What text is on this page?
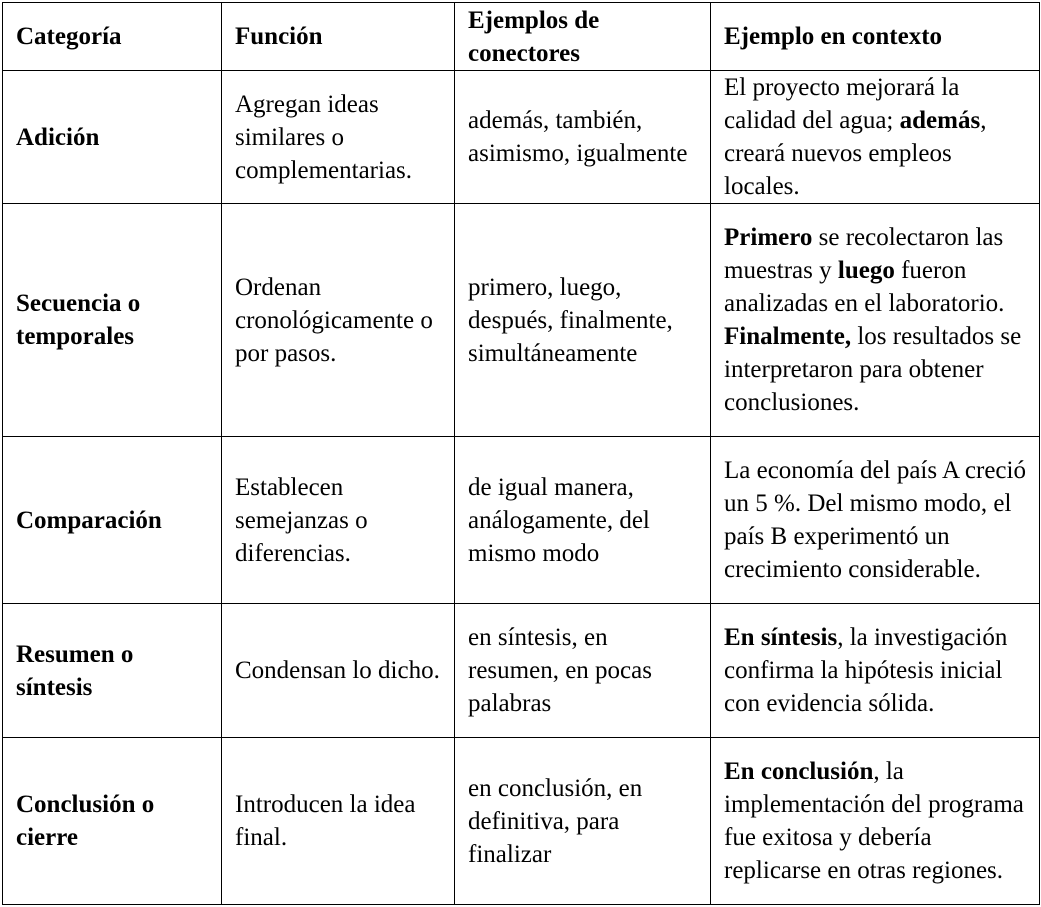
Categoría	Función	Ejemplos de conectores	Ejemplo en contexto
Adición	Agregan ideas similares o complementarias.	además, también, asimismo, igualmente	El proyecto mejorará la calidad del agua; además, creará nuevos empleos locales.
Secuencia o temporales	Ordenan cronológicamente o por pasos.	primero, luego, después, finalmente, simultáneamente	Primero se recolectaron las muestras y luego fueron analizadas en el laboratorio. Finalmente, los resultados se interpretaron para obtener conclusiones.
Comparación	Establecen semejanzas o diferencias.	de igual manera, análogamente, del mismo modo	La economía del país A creció un 5 %. Del mismo modo, el país B experimentó un crecimiento considerable.
Resumen o síntesis	Condensan lo dicho.	en síntesis, en resumen, en pocas palabras	En síntesis, la investigación confirma la hipótesis inicial con evidencia sólida.
Conclusión o cierre	Introducen la idea final.	en conclusión, en definitiva, para finalizar	En conclusión, la implementación del programa fue exitosa y debería replicarse en otras regiones.
